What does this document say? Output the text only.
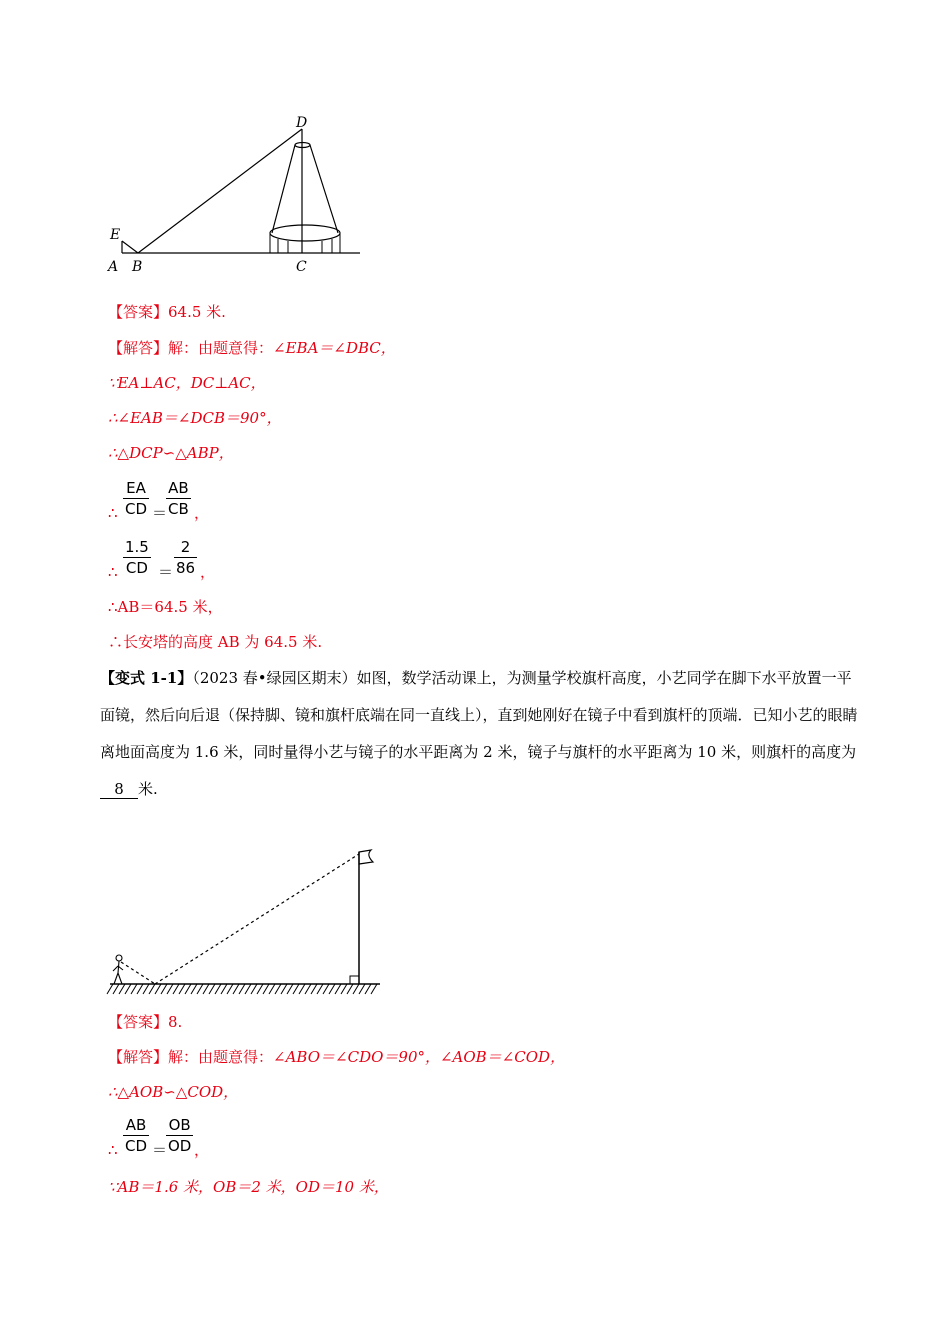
D
E
A B	C
【答案】64.5 米.
【解答】解：由题意得：∠EBA＝∠DBC，
∵EA⊥AC，DC⊥AC，
∴∠EAB＝∠DCB＝90°，
∴△DCP∽△ABP，
∴ $\frac{EA}{CD}$ ＝
$\frac{AB}{CB}$ ，
∴ $\frac{1.5}{CD} = \frac{2}{86}$ ，
∴AB＝64.5 米，
∴长安塔的高度 AB 为 64.5 米.
【变式 1-1】（2023 春•绿园区期末）如图，数学活动课上，为测量学校旗杆高度，小艺同学在脚下水平放置一平面镜，然后向后退（保持脚、镜和旗杆底端在同一直线上），直到她刚好在镜子中看到旗杆的顶端．已知小艺的眼睛离地面高度为 1.6 米，同时量得小艺与镜子的水平距离为 2 米，镜子与旗杆的水平距离为 10 米，则旗杆的高度为 8 米.
【答案】8.
【解答】解：由题意得：∠ABO＝∠CDO＝90°，∠AOB＝∠COD，
∴△AOB∽△COD，
∴ $\frac{AB}{CD}$ ＝
$\frac{OB}{OD}$ ，
∵AB＝1.6 米，OB＝2 米，OD＝10 米，
